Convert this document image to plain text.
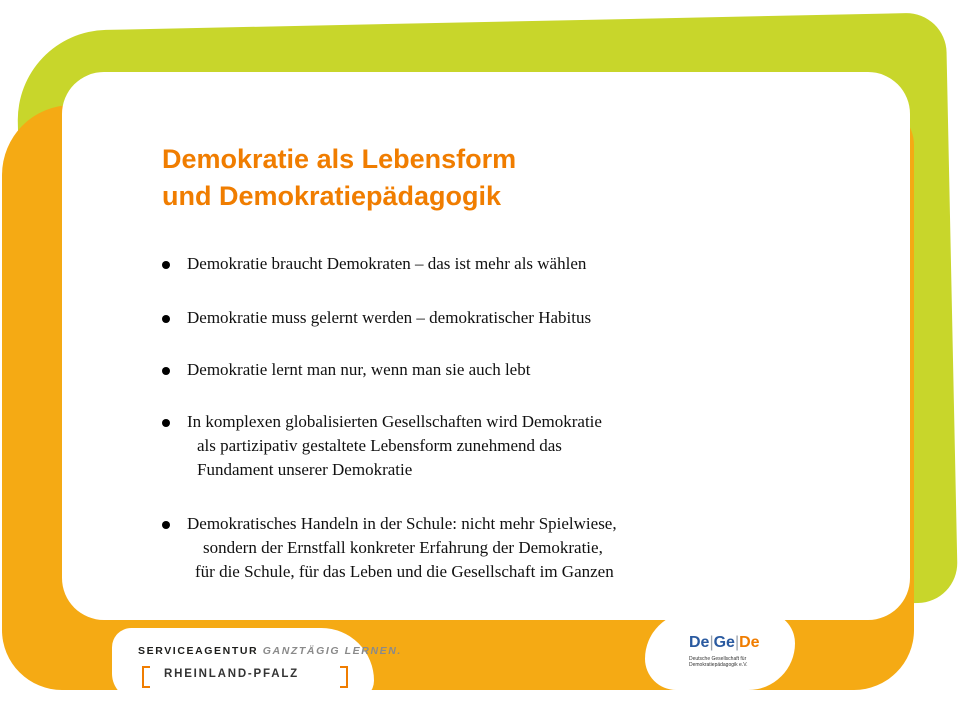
Demokratie als Lebensform
und Demokratiepädagogik

Demokratie braucht Demokraten – das ist mehr als wählen

Demokratie muss gelernt werden – demokratischer Habitus

Demokratie lernt man nur, wenn man sie auch lebt

In komplexen globalisierten Gesellschaften wird Demokratie
als partizipativ gestaltete Lebensform zunehmend das
Fundament unserer Demokratie

Demokratisches Handeln in der Schule: nicht mehr Spielwiese,
sondern der Ernstfall konkreter Erfahrung der Demokratie,
für die Schule, für das Leben und die Gesellschaft im Ganzen

SERVICEAGENTUR GANZTÄGIG LERNEN.
RHEINLAND-PFALZ
De|Ge|De
Deutsche Gesellschaft für Demokratiepädagogik e.V.
